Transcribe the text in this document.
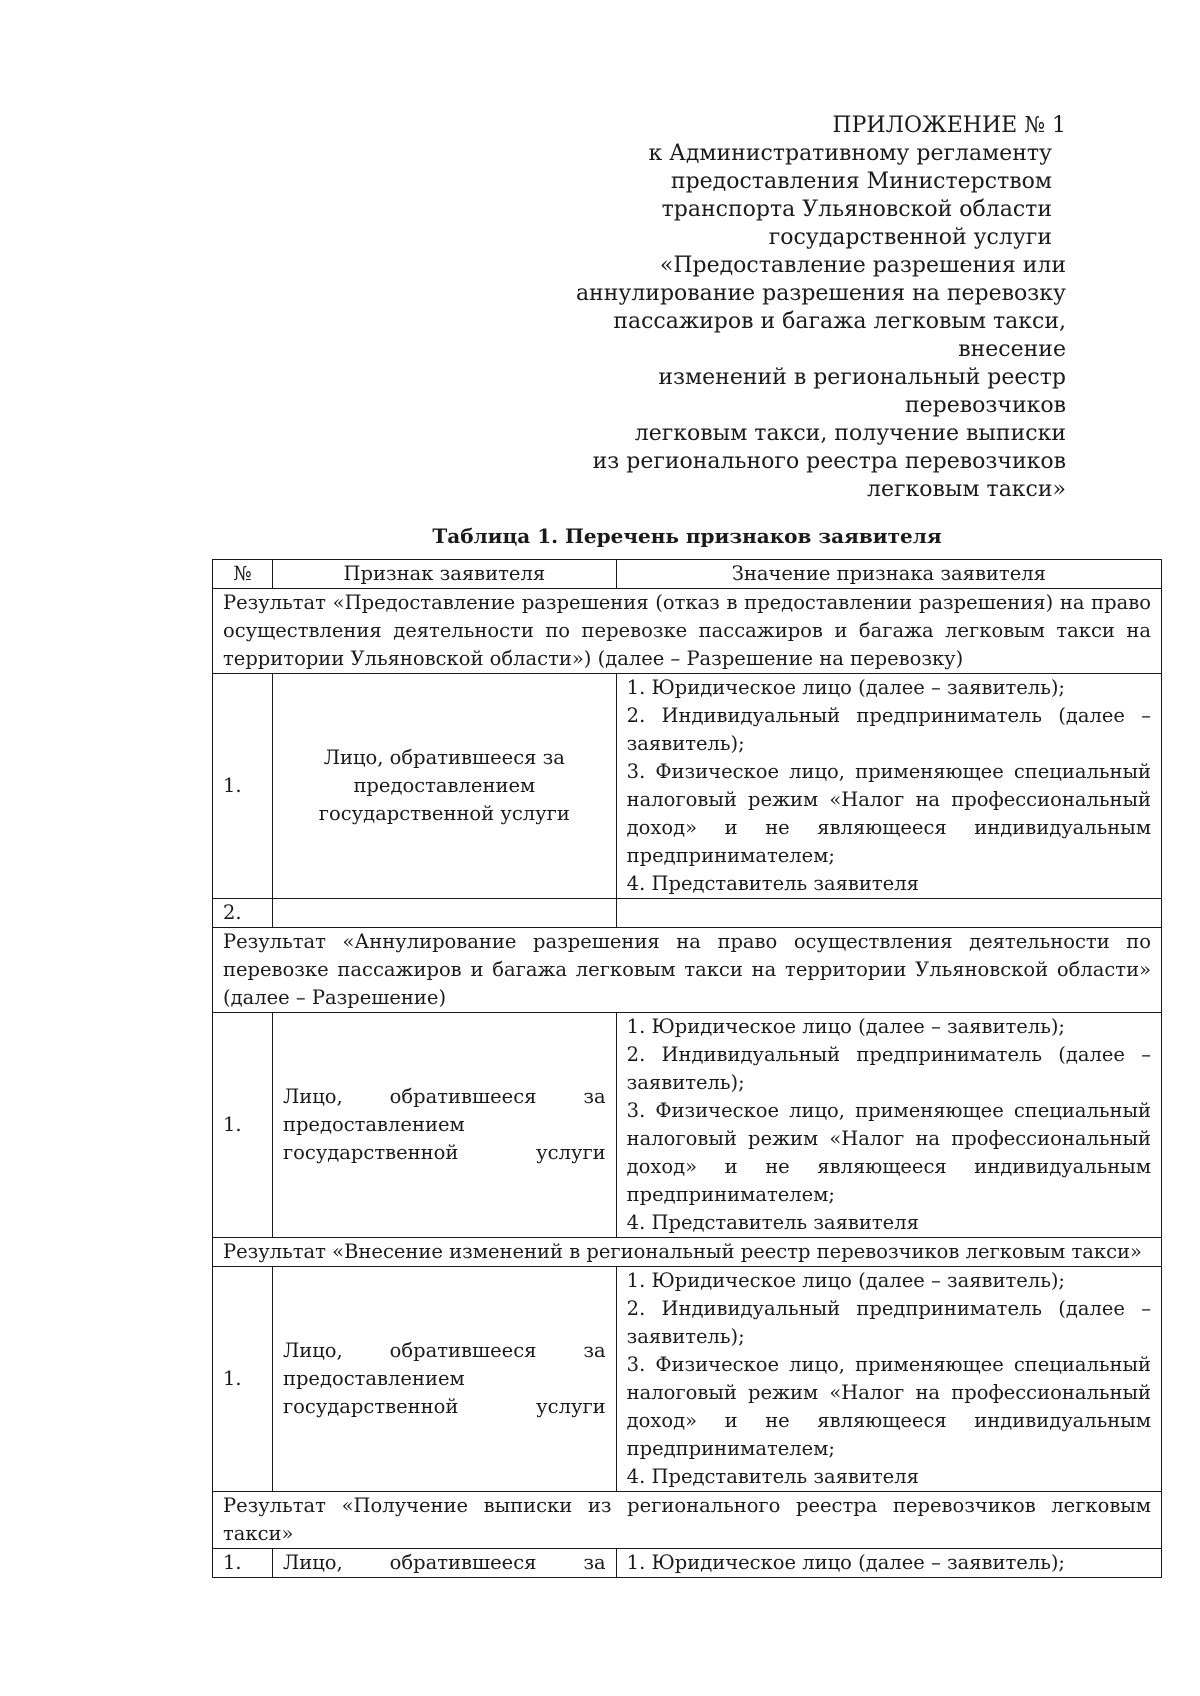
ПРИЛОЖЕНИЕ № 1

к Административному регламенту

предоставления Министерством

транспорта Ульяновской области

государственной услуги

«Предоставление разрешения или

аннулирование разрешения на перевозку

пассажиров и багажа легковым такси, внесение

изменений в региональный реестр перевозчиков

легковым такси, получение выписки

из регионального реестра перевозчиков

легковым такси»

Таблица 1. Перечень признаков заявителя
№	Признак заявителя	Значение признака заявителя
Результат «Предоставление разрешения (отказ в предоставлении разрешения) на право осуществления деятельности по перевозке пассажиров и багажа легковым такси на территории Ульяновской области») (далее – Разрешение на перевозку)		
1.	Лицо, обратившееся за предоставлением государственной услуги	1. Юридическое лицо (далее – заявитель);

2. Индивидуальный предприниматель (далее – заявитель);

3. Физическое лицо, применяющее специальный налоговый режим «Налог на профессиональный доход» и не являющееся индивидуальным предпринимателем;

4. Представитель заявителя

2.		
Результат «Аннулирование разрешения на право осуществления деятельности по перевозке пассажиров и багажа легковым такси на территории Ульяновской области» (далее – Разрешение)		
1.	Лицо, обратившееся за предоставлением государственной услуги	1. Юридическое лицо (далее – заявитель);

2. Индивидуальный предприниматель (далее – заявитель);

3. Физическое лицо, применяющее специальный налоговый режим «Налог на профессиональный доход» и не являющееся индивидуальным предпринимателем;

4. Представитель заявителя

Результат «Внесение изменений в региональный реестр перевозчиков легковым такси»		
1.	Лицо, обратившееся за предоставлением государственной услуги	1. Юридическое лицо (далее – заявитель);

2. Индивидуальный предприниматель (далее – заявитель);

3. Физическое лицо, применяющее специальный налоговый режим «Налог на профессиональный доход» и не являющееся индивидуальным предпринимателем;

4. Представитель заявителя

Результат «Получение выписки из регионального реестра перевозчиков легковым такси»		
1.	Лицо, обратившееся за	1. Юридическое лицо (далее – заявитель);
